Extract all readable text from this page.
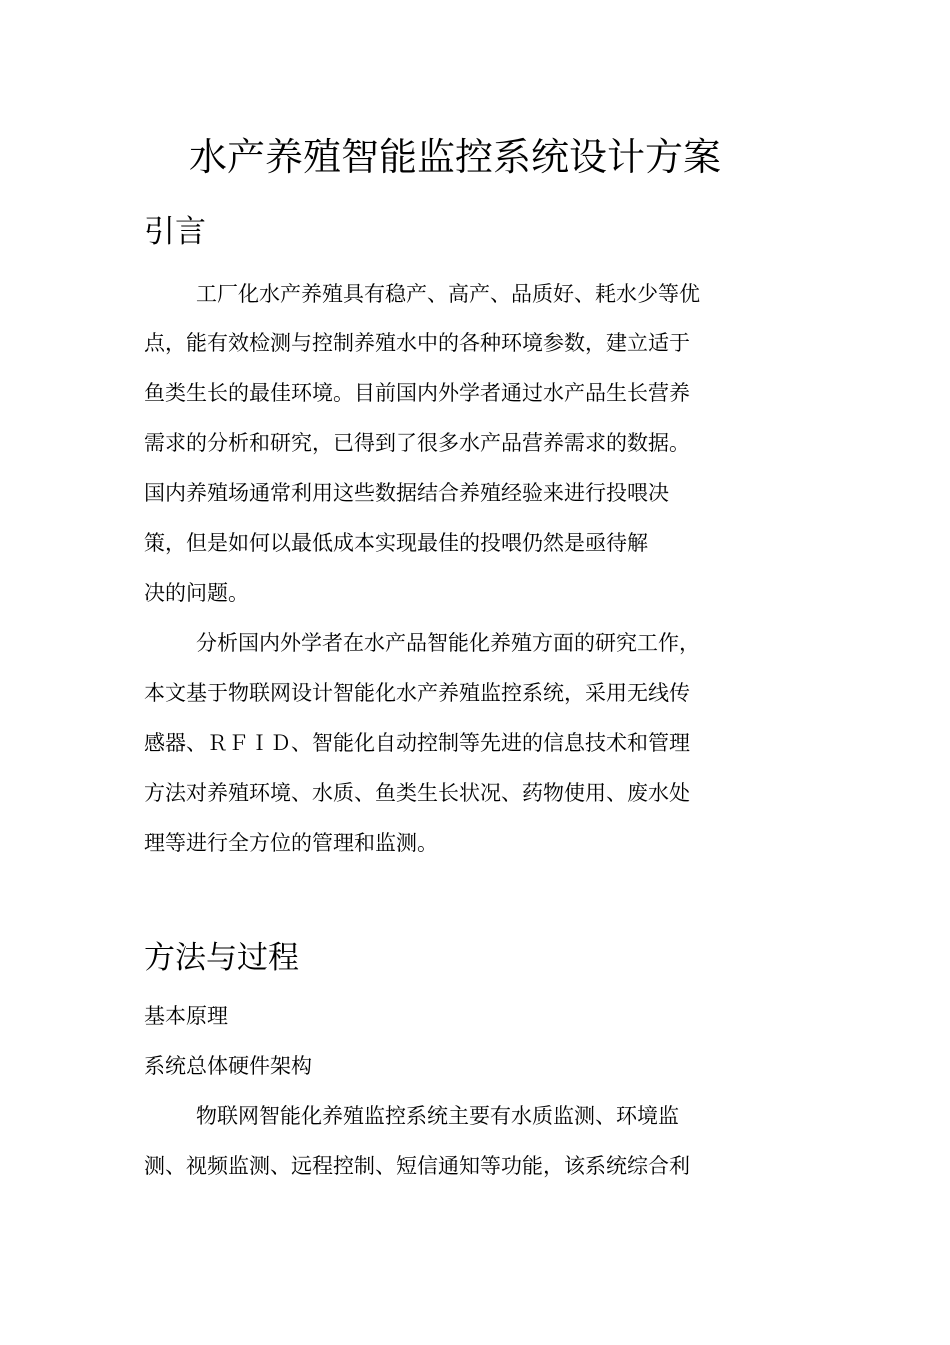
水产养殖智能监控系统设计方案
引言

工厂化水产养殖具有稳产、高产、品质好、耗水少等优

点，能有效检测与控制养殖水中的各种环境参数，建立适于

鱼类生长的最佳环境。目前国内外学者通过水产品生长营养

需求的分析和研究，已得到了很多水产品营养需求的数据。

国内养殖场通常利用这些数据结合养殖经验来进行投喂决

策，但是如何以最低成本实现最佳的投喂仍然是亟待解

决的问题。

分析国内外学者在水产品智能化养殖方面的研究工作，

本文基于物联网设计智能化水产养殖监控系统，采用无线传

感器、ＲＦＩＤ、智能化自动控制等先进的信息技术和管理

方法对养殖环境、水质、鱼类生长状况、药物使用、废水处

理等进行全方位的管理和监测。

方法与过程

基本原理

系统总体硬件架构

物联网智能化养殖监控系统主要有水质监测、环境监

测、视频监测、远程控制、短信通知等功能，该系统综合利
